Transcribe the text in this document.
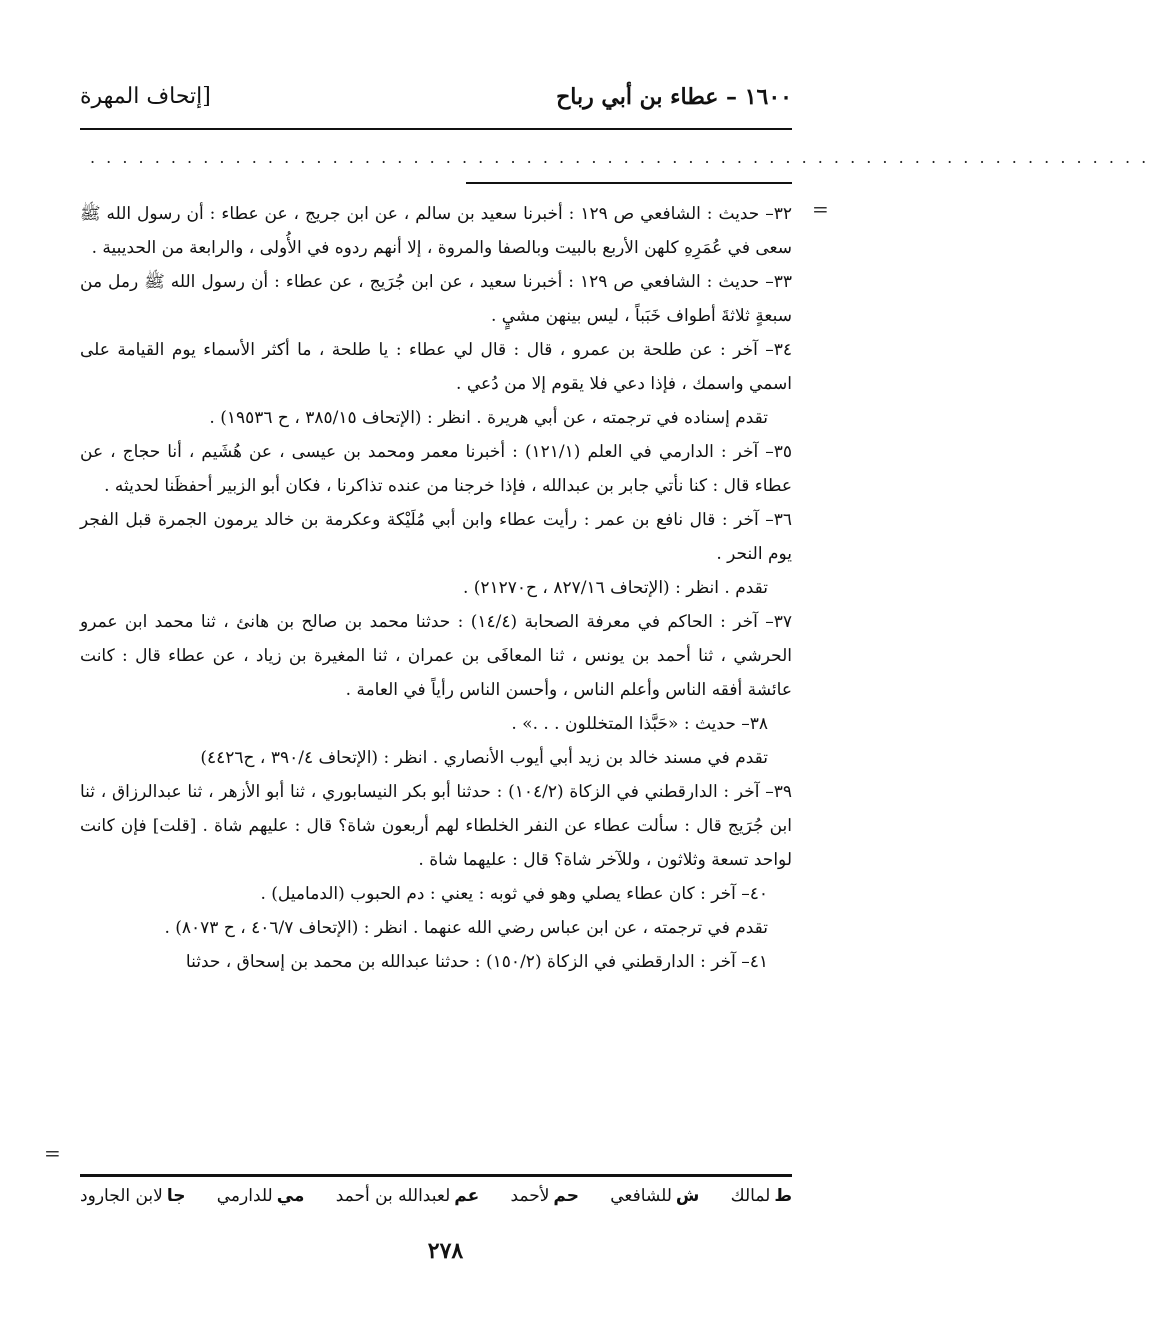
١٦٠٠ – عطاء بن أبي رباح
[إتحاف المهرة
. . . . . . . . . . . . . . . . . . . . . . . . . . . . . . . . . . . . . . . . . . . . . . . . . . . . . . . . . . . . . . . . . .
=
=

٣٢– حديث : الشافعي ص ١٢٩ : أخبرنا سعيد بن سالم ، عن ابن جريج ، عن عطاء : أن رسول الله ﷺ سعى في عُمَرِهِ كلهن الأربع بالبيت وبالصفا والمروة ، إلا أنهم ردوه في الأُولى ، والرابعة من الحديبية .

٣٣– حديث : الشافعي ص ١٢٩ : أخبرنا سعيد ، عن ابن جُرَيج ، عن عطاء : أن رسول الله ﷺ رمل من سبعةٍ ثلاثةَ أطواف خَبَباً ، ليس بينهن مشيٍ .

٣٤– آخر : عن طلحة بن عمرو ، قال : قال لي عطاء : يا طلحة ، ما أكثر الأسماء يوم القيامة على اسمي واسمك ، فإذا دعي فلا يقوم إلا من دُعي .

تقدم إسناده في ترجمته ، عن أبي هريرة . انظر : (الإتحاف ٣٨٥/١٥ ، ح ١٩٥٣٦) .

٣٥– آخر : الدارمي في العلم (١٢١/١) : أخبرنا معمر ومحمد بن عيسى ، عن هُشَيم ، أنا حجاج ، عن عطاء قال : كنا نأتي جابر بن عبدالله ، فإذا خرجنا من عنده تذاكرنا ، فكان أبو الزبير أحفظَنا لحديثه .

٣٦– آخر : قال نافع بن عمر : رأيت عطاء وابن أبي مُلَيْكة وعكرمة بن خالد يرمون الجمرة قبل الفجر يوم النحر .

تقدم . انظر : (الإتحاف ٨٢٧/١٦ ، ح٢١٢٧٠) .

٣٧– آخر : الحاكم في معرفة الصحابة (١٤/٤) : حدثنا محمد بن صالح بن هانئ ، ثنا محمد ابن عمرو الحرشي ، ثنا أحمد بن يونس ، ثنا المعافَى بن عمران ، ثنا المغيرة بن زياد ، عن عطاء قال : كانت عائشة أفقه الناس وأعلم الناس ، وأحسن الناس رأياً في العامة .

٣٨– حديث : «حَبَّذا المتخللون . . .» .

تقدم في مسند خالد بن زيد أبي أيوب الأنصاري . انظر : (الإتحاف ٣٩٠/٤ ، ح٤٤٢٦)

٣٩– آخر : الدارقطني في الزكاة (١٠٤/٢) : حدثنا أبو بكر النيسابوري ، ثنا أبو الأزهر ، ثنا عبدالرزاق ، ثنا ابن جُرَيج قال : سألت عطاء عن النفر الخلطاء لهم أربعون شاة؟ قال : عليهم شاة . [قلت] فإن كانت لواحد تسعة وثلاثون ، وللآخر شاة؟ قال : عليهما شاة .

٤٠– آخر : كان عطاء يصلي وهو في ثوبه : يعني : دم الحبوب (الدماميل) .

تقدم في ترجمته ، عن ابن عباس رضي الله عنهما . انظر : (الإتحاف ٤٠٦/٧ ، ح ٨٠٧٣) .

٤١– آخر : الدارقطني في الزكاة (١٥٠/٢) : حدثنا عبدالله بن محمد بن إسحاق ، حدثنا

ط
لمالك
ش
للشافعي
حم
لأحمد
عم
لعبدالله بن أحمد
مي
للدارمي
جا
لابن الجارود
٢٧٨
